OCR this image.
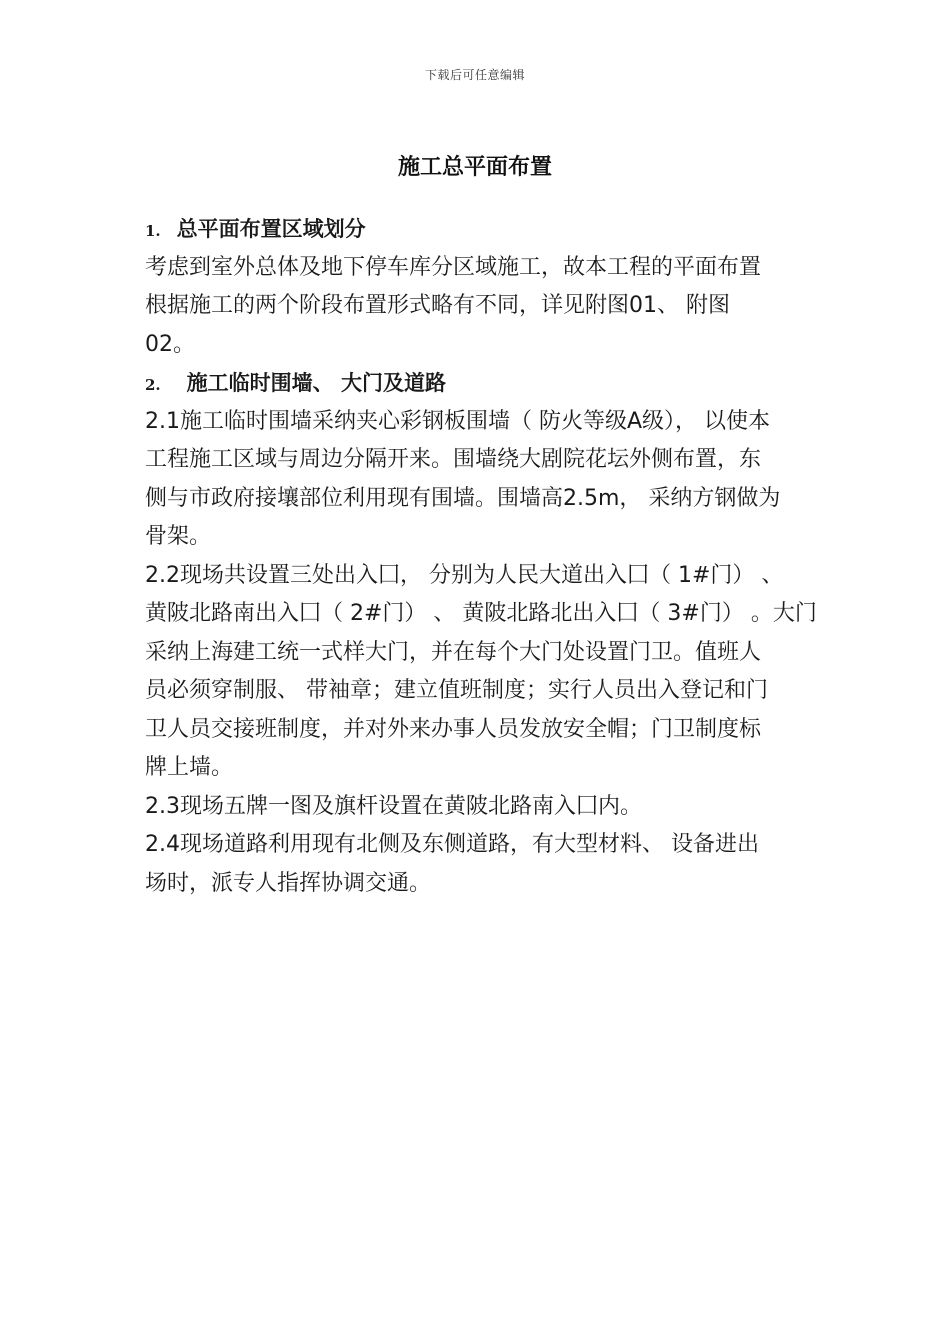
下载后可任意编辑
施工总平面布置
1. 总平面布置区域划分
考虑到室外总体及地下停车库分区域施工，故本工程的平面布置
根据施工的两个阶段布置形式略有不同，详见附图01、 附图
02。
2. 施工临时围墙、 大门及道路
2.1施工临时围墙采纳夹心彩钢板围墙（ 防火等级A级）， 以使本
工程施工区域与周边分隔开来。围墙绕大剧院花坛外侧布置，东
侧与市政府接壤部位利用现有围墙。围墙高2.5m， 采纳方钢做为
骨架。
2.2现场共设置三处出入囗， 分别为人民大道出入囗（ 1#门） 、
黄陂北路南出入囗（ 2#门） 、 黄陂北路北出入囗（ 3#门） 。大门
采纳上海建工统一式样大门，并在每个大门处设置门卫。值班人
员必须穿制服、 带袖章；建立值班制度；实行人员出入登记和门
卫人员交接班制度，并对外来办事人员发放安全帽；门卫制度标
牌上墙。
2.3现场五牌一图及旗杆设置在黄陂北路南入囗内。
2.4现场道路利用现有北侧及东侧道路，有大型材料、 设备进出
场时，派专人指挥协调交通。
